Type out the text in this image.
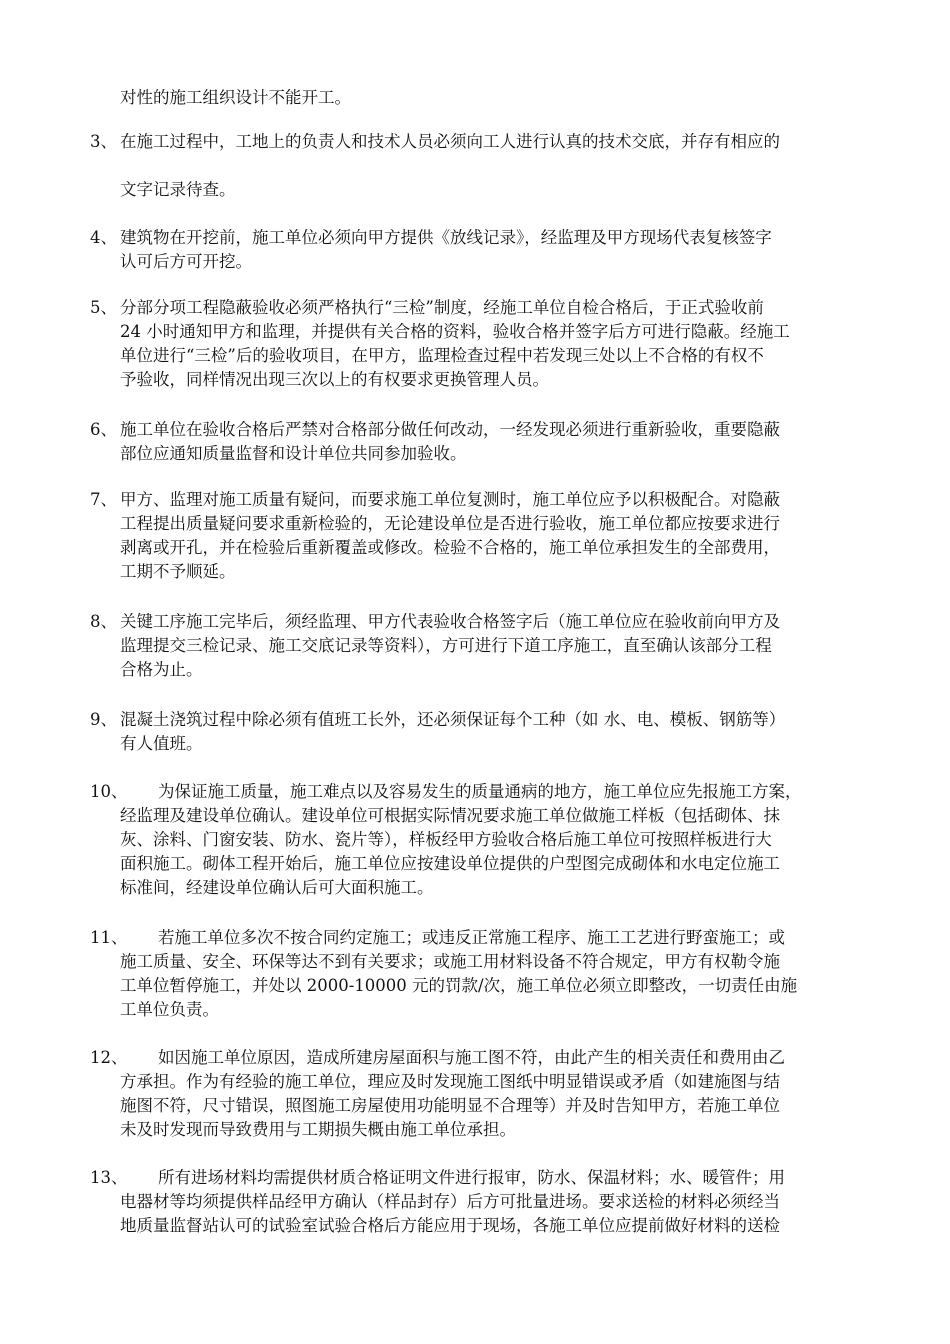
对性的施工组织设计不能开工。
3、 在施工过程中，工地上的负责人和技术人员必须向工人进行认真的技术交底，并存有相应的
文字记录待查。
4、 建筑物在开挖前，施工单位必须向甲方提供《放线记录》，经监理及甲方现场代表复核签字
认可后方可开挖。
5、 分部分项工程隐蔽验收必须严格执行“三检”制度，经施工单位自检合格后，于正式验收前
24 小时通知甲方和监理，并提供有关合格的资料，验收合格并签字后方可进行隐蔽。经施工
单位进行“三检”后的验收项目，在甲方，监理检查过程中若发现三处以上不合格的有权不
予验收，同样情况出现三次以上的有权要求更换管理人员。
6、 施工单位在验收合格后严禁对合格部分做任何改动，一经发现必须进行重新验收，重要隐蔽
部位应通知质量监督和设计单位共同参加验收。
7、 甲方、监理对施工质量有疑问，而要求施工单位复测时，施工单位应予以积极配合。对隐蔽
工程提出质量疑问要求重新检验的，无论建设单位是否进行验收，施工单位都应按要求进行
剥离或开孔，并在检验后重新覆盖或修改。检验不合格的，施工单位承担发生的全部费用，
工期不予顺延。
8、 关键工序施工完毕后，须经监理、甲方代表验收合格签字后（施工单位应在验收前向甲方及
监理提交三检记录、施工交底记录等资料），方可进行下道工序施工，直至确认该部分工程
合格为止。
9、 混凝土浇筑过程中除必须有值班工长外，还必须保证每个工种（如 水、电、模板、钢筋等）
有人值班。
10、 为保证施工质量，施工难点以及容易发生的质量通病的地方，施工单位应先报施工方案，
经监理及建设单位确认。建设单位可根据实际情况要求施工单位做施工样板（包括砌体、抹
灰、涂料、门窗安装、防水、瓷片等），样板经甲方验收合格后施工单位可按照样板进行大
面积施工。砌体工程开始后，施工单位应按建设单位提供的户型图完成砌体和水电定位施工
标准间，经建设单位确认后可大面积施工。
11、 若施工单位多次不按合同约定施工；或违反正常施工程序、施工工艺进行野蛮施工；或
施工质量、安全、环保等达不到有关要求；或施工用材料设备不符合规定，甲方有权勒令施
工单位暂停施工，并处以 2000-10000 元的罚款/次，施工单位必须立即整改，一切责任由施
工单位负责。
12、 如因施工单位原因，造成所建房屋面积与施工图不符，由此产生的相关责任和费用由乙
方承担。作为有经验的施工单位，理应及时发现施工图纸中明显错误或矛盾（如建施图与结
施图不符，尺寸错误，照图施工房屋使用功能明显不合理等）并及时告知甲方，若施工单位
未及时发现而导致费用与工期损失概由施工单位承担。
13、 所有进场材料均需提供材质合格证明文件进行报审，防水、保温材料；水、暖管件；用
电器材等均须提供样品经甲方确认（样品封存）后方可批量进场。要求送检的材料必须经当
地质量监督站认可的试验室试验合格后方能应用于现场，各施工单位应提前做好材料的送检
